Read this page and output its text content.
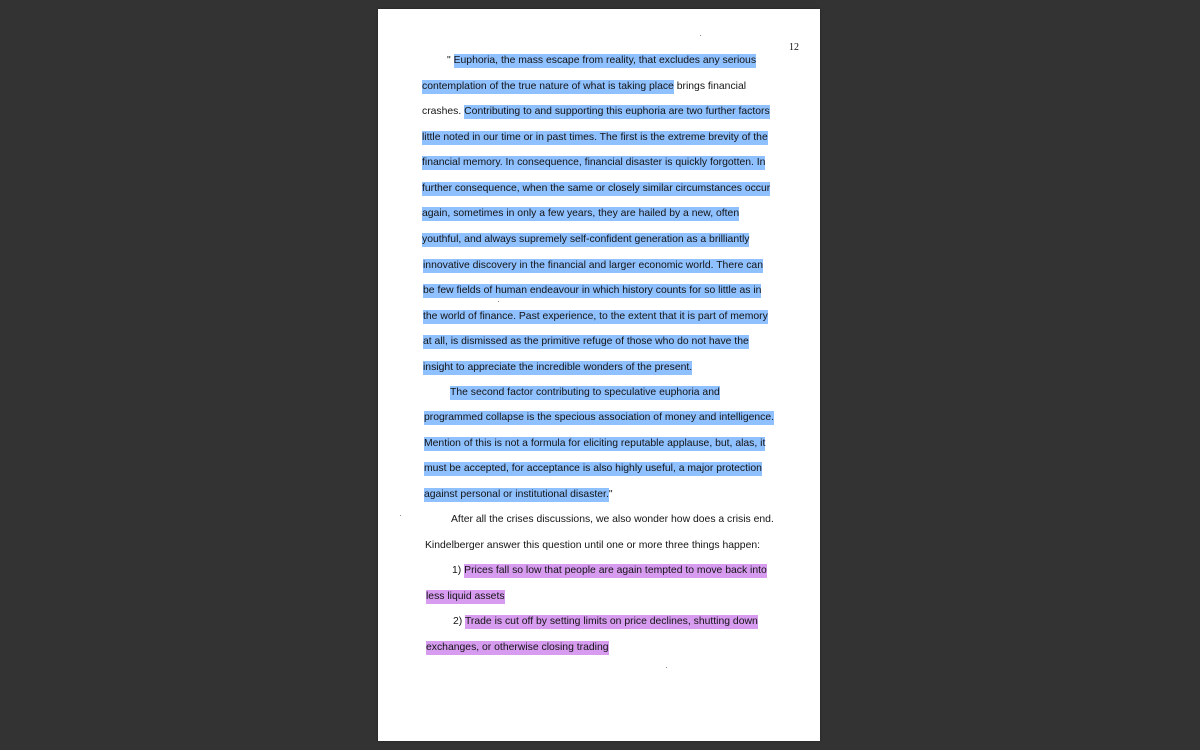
12
" Euphoria, the mass escape from reality, that excludes any serious
contemplation of the true nature of what is taking place brings financial
crashes. Contributing to and supporting this euphoria are two further factors
little noted in our time or in past times. The first is the extreme brevity of the
financial memory. In consequence, financial disaster is quickly forgotten. In
further consequence, when the same or closely similar circumstances occur
again, sometimes in only a few years, they are hailed by a new, often
youthful, and always supremely self-confident generation as a brilliantly
innovative discovery in the financial and larger economic world. There can
be few fields of human endeavour in which history counts for so little as in
the world of finance. Past experience, to the extent that it is part of memory
at all, is dismissed as the primitive refuge of those who do not have the
insight to appreciate the incredible wonders of the present.
The second factor contributing to speculative euphoria and
programmed collapse is the specious association of money and intelligence.
Mention of this is not a formula for eliciting reputable applause, but, alas, it
must be accepted, for acceptance is also highly useful, a major protection
against personal or institutional disaster."
After all the crises discussions, we also wonder how does a crisis end.
Kindelberger answer this question until one or more three things happen:
1) Prices fall so low that people are again tempted to move back into
less liquid assets
2) Trade is cut off by setting limits on price declines, shutting down
exchanges, or otherwise closing trading
